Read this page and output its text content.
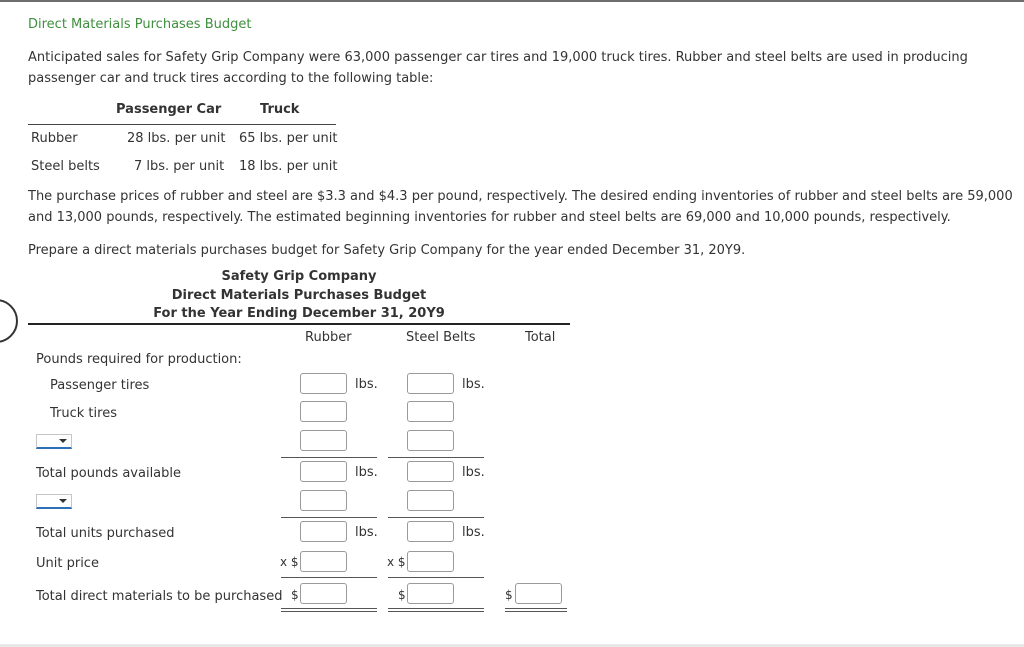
Direct Materials Purchases Budget
Anticipated sales for Safety Grip Company were 63,000 passenger car tires and 19,000 truck tires. Rubber and steel belts are used in producing passenger car and truck tires according to the following table:
Passenger Car	Truck
Rubber	28 lbs. per unit 65 lbs. per unit
Steel belts	7 lbs. per unit 18 lbs. per unit
The purchase prices of rubber and steel are $3.3 and $4.3 per pound, respectively. The desired ending inventories of rubber and steel belts are 59,000 and 13,000 pounds, respectively. The estimated beginning inventories for rubber and steel belts are 69,000 and 10,000 pounds, respectively.
Prepare a direct materials purchases budget for Safety Grip Company for the year ended December 31, 20Y9.
Safety Grip Company
Direct Materials Purchases Budget
For the Year Ending December 31, 20Y9
Rubber	Steel Belts	Total
Pounds required for production:
Passenger tires	lbs.	lbs.
Truck tires
Total pounds available	lbs.	lbs.
Total units purchased	lbs.	lbs.
Unit price	x $	x $
Total direct materials to be purchased $	$	$
